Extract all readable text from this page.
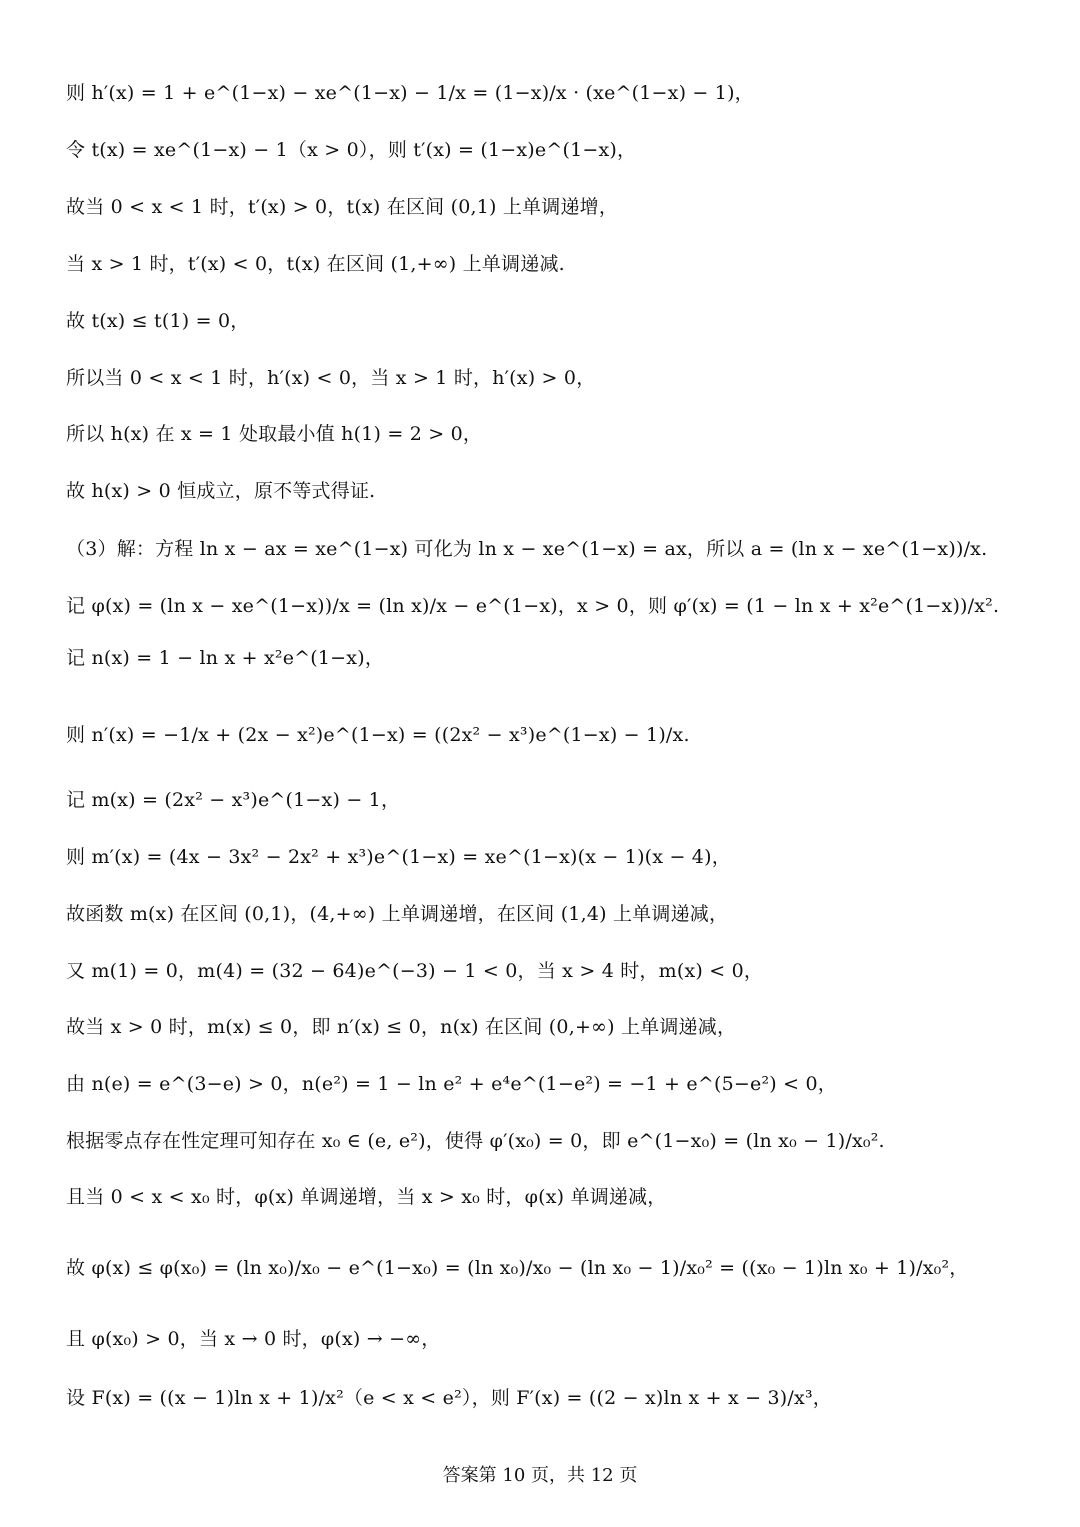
则 h′(x) = 1 + e^(1−x) − xe^(1−x) − 1/x = (1−x)/x · (xe^(1−x) − 1)，
令 t(x) = xe^(1−x) − 1（x > 0），则 t′(x) = (1−x)e^(1−x)，
故当 0 < x < 1 时，t′(x) > 0，t(x) 在区间 (0,1) 上单调递增，
当 x > 1 时，t′(x) < 0，t(x) 在区间 (1,+∞) 上单调递减.
故 t(x) ≤ t(1) = 0，
所以当 0 < x < 1 时，h′(x) < 0，当 x > 1 时，h′(x) > 0，
所以 h(x) 在 x = 1 处取最小值 h(1) = 2 > 0，
故 h(x) > 0 恒成立，原不等式得证.
（3）解：方程 ln x − ax = xe^(1−x) 可化为 ln x − xe^(1−x) = ax，所以 a = (ln x − xe^(1−x))/x.
记 φ(x) = (ln x − xe^(1−x))/x = (ln x)/x − e^(1−x)，x > 0，则 φ′(x) = (1 − ln x + x²e^(1−x))/x².
记 n(x) = 1 − ln x + x²e^(1−x)，
则 n′(x) = −1/x + (2x − x²)e^(1−x) = ((2x² − x³)e^(1−x) − 1)/x.
记 m(x) = (2x² − x³)e^(1−x) − 1，
则 m′(x) = (4x − 3x² − 2x² + x³)e^(1−x) = xe^(1−x)(x − 1)(x − 4)，
故函数 m(x) 在区间 (0,1)，(4,+∞) 上单调递增，在区间 (1,4) 上单调递减，
又 m(1) = 0，m(4) = (32 − 64)e^(−3) − 1 < 0，当 x > 4 时，m(x) < 0，
故当 x > 0 时，m(x) ≤ 0，即 n′(x) ≤ 0，n(x) 在区间 (0,+∞) 上单调递减，
由 n(e) = e^(3−e) > 0，n(e²) = 1 − ln e² + e⁴e^(1−e²) = −1 + e^(5−e²) < 0，
根据零点存在性定理可知存在 x₀ ∈ (e, e²)，使得 φ′(x₀) = 0，即 e^(1−x₀) = (ln x₀ − 1)/x₀².
且当 0 < x < x₀ 时，φ(x) 单调递增，当 x > x₀ 时，φ(x) 单调递减，
故 φ(x) ≤ φ(x₀) = (ln x₀)/x₀ − e^(1−x₀) = (ln x₀)/x₀ − (ln x₀ − 1)/x₀² = ((x₀ − 1)ln x₀ + 1)/x₀²，
且 φ(x₀) > 0，当 x → 0 时，φ(x) → −∞，
设 F(x) = ((x − 1)ln x + 1)/x²（e < x < e²），则 F′(x) = ((2 − x)ln x + x − 3)/x³，
答案第 10 页，共 12 页
